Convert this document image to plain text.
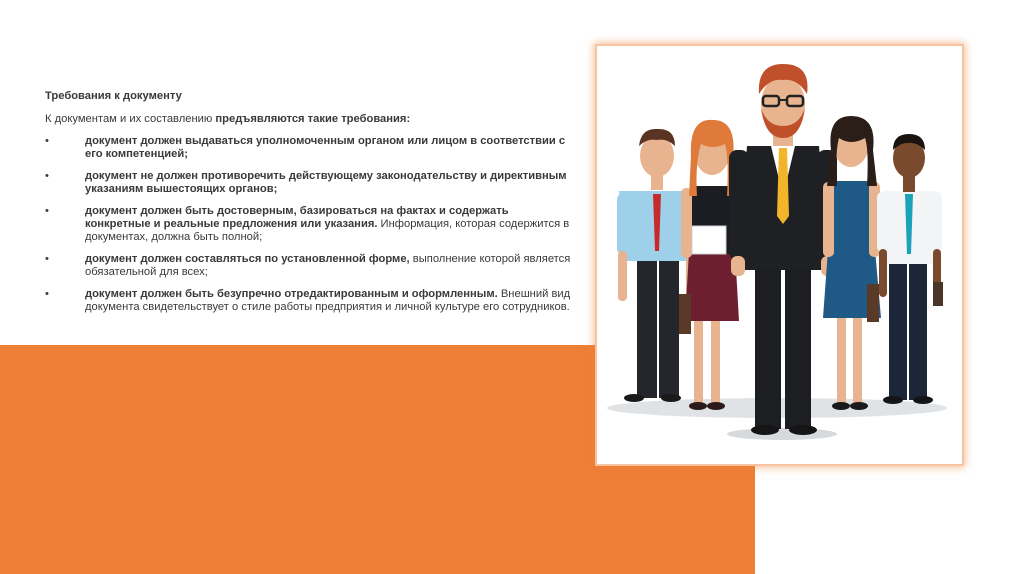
Требования к документу

К документам и их составлению предъявляются такие требования:

•	документ должен выдаваться уполномоченным органом или лицом в соответствии с его компетенцией;
•	документ не должен противоречить действующему законодательству и директивным указаниям вышестоящих органов;
•	документ должен быть достоверным, базироваться на фактах и содержать конкретные и реальные предложения или указания. Информация, которая содержится в документах, должна быть полной;
•	документ должен составляться по установленной форме, выполнение которой является обязательной для всех;
•	документ должен быть безупречно отредактированным и оформленным. Внешний вид документа свидетельствует о стиле работы предприятия и личной культуре его сотрудников.
